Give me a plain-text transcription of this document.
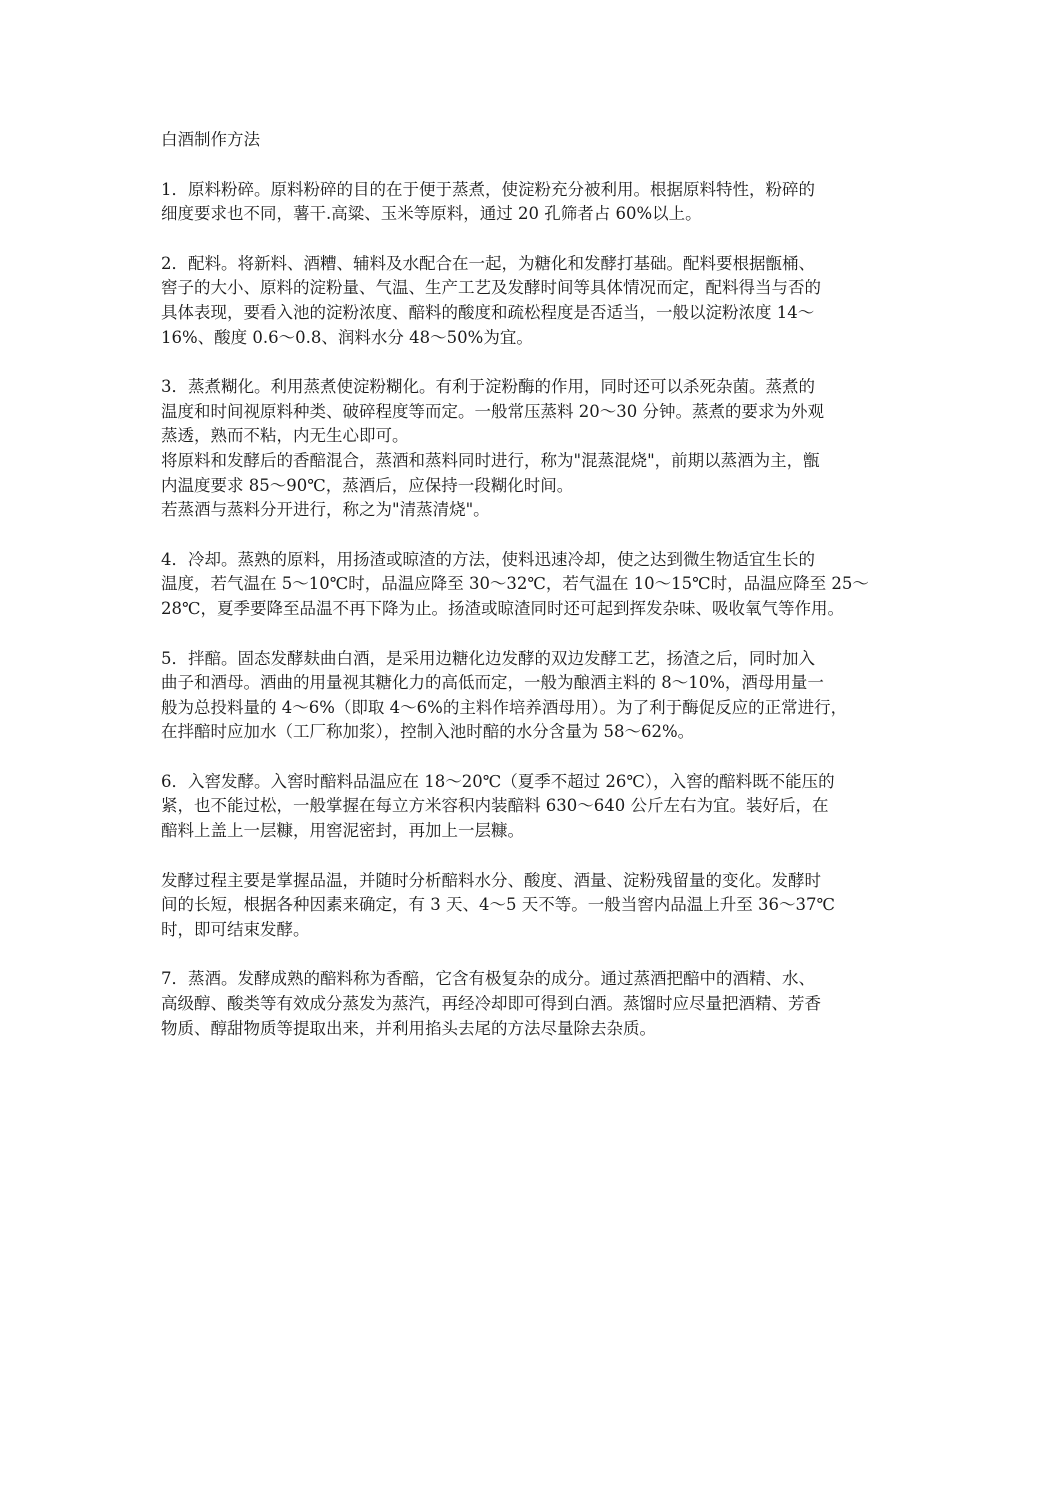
白酒制作方法
1．原料粉碎。原料粉碎的目的在于便于蒸煮，使淀粉充分被利用。根据原料特性，粉碎的
细度要求也不同，薯干.高粱、玉米等原料，通过 20 孔筛者占 60%以上。
2．配料。将新料、酒糟、辅料及水配合在一起，为糖化和发酵打基础。配料要根据甑桶、
窖子的大小、原料的淀粉量、气温、生产工艺及发酵时间等具体情况而定，配料得当与否的
具体表现，要看入池的淀粉浓度、醅料的酸度和疏松程度是否适当，一般以淀粉浓度 14～
16%、酸度 0.6～0.8、润料水分 48～50%为宜。
3．蒸煮糊化。利用蒸煮使淀粉糊化。有利于淀粉酶的作用，同时还可以杀死杂菌。蒸煮的
温度和时间视原料种类、破碎程度等而定。一般常压蒸料 20～30 分钟。蒸煮的要求为外观
蒸透，熟而不粘，内无生心即可。
将原料和发酵后的香醅混合，蒸酒和蒸料同时进行，称为"混蒸混烧"，前期以蒸酒为主，甑
内温度要求 85～90℃，蒸酒后，应保持一段糊化时间。
若蒸酒与蒸料分开进行，称之为"清蒸清烧"。
4．冷却。蒸熟的原料，用扬渣或晾渣的方法，使料迅速冷却，使之达到微生物适宜生长的
温度，若气温在 5～10℃时，品温应降至 30～32℃，若气温在 10～15℃时，品温应降至 25～
28℃，夏季要降至品温不再下降为止。扬渣或晾渣同时还可起到挥发杂味、吸收氧气等作用。
5．拌醅。固态发酵麸曲白酒，是采用边糖化边发酵的双边发酵工艺，扬渣之后，同时加入
曲子和酒母。酒曲的用量视其糖化力的高低而定，一般为酿酒主料的 8～10%，酒母用量一
般为总投料量的 4～6%（即取 4～6%的主料作培养酒母用）。为了利于酶促反应的正常进行，
在拌醅时应加水（工厂称加浆），控制入池时醅的水分含量为 58～62%。
6．入窖发酵。入窖时醅料品温应在 18～20℃（夏季不超过 26℃），入窖的醅料既不能压的
紧，也不能过松，一般掌握在每立方米容积内装醅料 630～640 公斤左右为宜。装好后，在
醅料上盖上一层糠，用窖泥密封，再加上一层糠。
发酵过程主要是掌握品温，并随时分析醅料水分、酸度、酒量、淀粉残留量的变化。发酵时
间的长短，根据各种因素来确定，有 3 天、4～5 天不等。一般当窖内品温上升至 36～37℃
时，即可结束发酵。
7．蒸酒。发酵成熟的醅料称为香醅，它含有极复杂的成分。通过蒸酒把醅中的酒精、水、
高级醇、酸类等有效成分蒸发为蒸汽，再经冷却即可得到白酒。蒸馏时应尽量把酒精、芳香
物质、醇甜物质等提取出来，并利用掐头去尾的方法尽量除去杂质。
